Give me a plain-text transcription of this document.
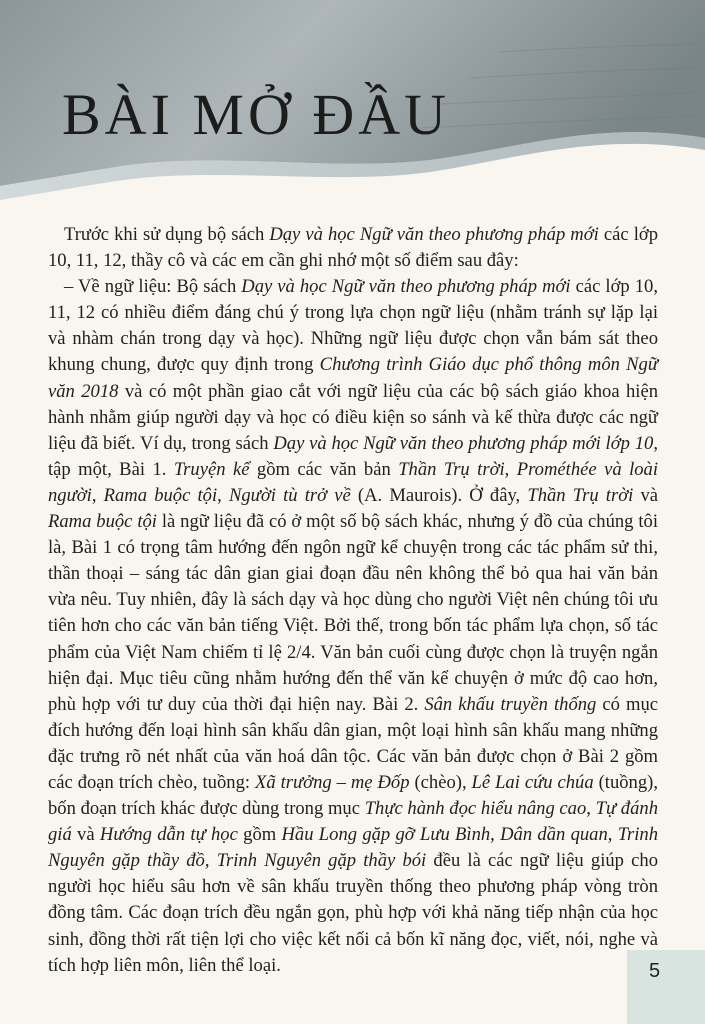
BÀI MỞ ĐẦU

Trước khi sử dụng bộ sách Dạy và học Ngữ văn theo phương pháp mới các lớp 10, 11, 12, thầy cô và các em cần ghi nhớ một số điểm sau đây:

– Về ngữ liệu: Bộ sách Dạy và học Ngữ văn theo phương pháp mới các lớp 10, 11, 12 có nhiều điểm đáng chú ý trong lựa chọn ngữ liệu (nhằm tránh sự lặp lại và nhàm chán trong dạy và học). Những ngữ liệu được chọn vẫn bám sát theo khung chung, được quy định trong Chương trình Giáo dục phổ thông môn Ngữ văn 2018 và có một phần giao cắt với ngữ liệu của các bộ sách giáo khoa hiện hành nhằm giúp người dạy và học có điều kiện so sánh và kế thừa được các ngữ liệu đã biết. Ví dụ, trong sách Dạy và học Ngữ văn theo phương pháp mới lớp 10, tập một, Bài 1. Truyện kể gồm các văn bản Thần Trụ trời, Prométhée và loài người, Rama buộc tội, Người tù trở về (A. Maurois). Ở đây, Thần Trụ trời và Rama buộc tội là ngữ liệu đã có ở một số bộ sách khác, nhưng ý đồ của chúng tôi là, Bài 1 có trọng tâm hướng đến ngôn ngữ kể chuyện trong các tác phẩm sử thi, thần thoại – sáng tác dân gian giai đoạn đầu nên không thể bỏ qua hai văn bản vừa nêu. Tuy nhiên, đây là sách dạy và học dùng cho người Việt nên chúng tôi ưu tiên hơn cho các văn bản tiếng Việt. Bởi thế, trong bốn tác phẩm lựa chọn, số tác phẩm của Việt Nam chiếm tỉ lệ 2/4. Văn bản cuối cùng được chọn là truyện ngắn hiện đại. Mục tiêu cũng nhằm hướng đến thể văn kể chuyện ở mức độ cao hơn, phù hợp với tư duy của thời đại hiện nay. Bài 2. Sân khấu truyền thống có mục đích hướng đến loại hình sân khấu dân gian, một loại hình sân khấu mang những đặc trưng rõ nét nhất của văn hoá dân tộc. Các văn bản được chọn ở Bài 2 gồm các đoạn trích chèo, tuồng: Xã trưởng – mẹ Đốp (chèo), Lê Lai cứu chúa (tuồng), bốn đoạn trích khác được dùng trong mục Thực hành đọc hiểu nâng cao, Tự đánh giá và Hướng dẫn tự học gồm Hầu Long gặp gỡ Lưu Bình, Dân dần quan, Trinh Nguyên gặp thầy đồ, Trinh Nguyên gặp thầy bói đều là các ngữ liệu giúp cho người học hiểu sâu hơn về sân khấu truyền thống theo phương pháp vòng tròn đồng tâm. Các đoạn trích đều ngắn gọn, phù hợp với khả năng tiếp nhận của học sinh, đồng thời rất tiện lợi cho việc kết nối cả bốn kĩ năng đọc, viết, nói, nghe và tích hợp liên môn, liên thể loại.	5
